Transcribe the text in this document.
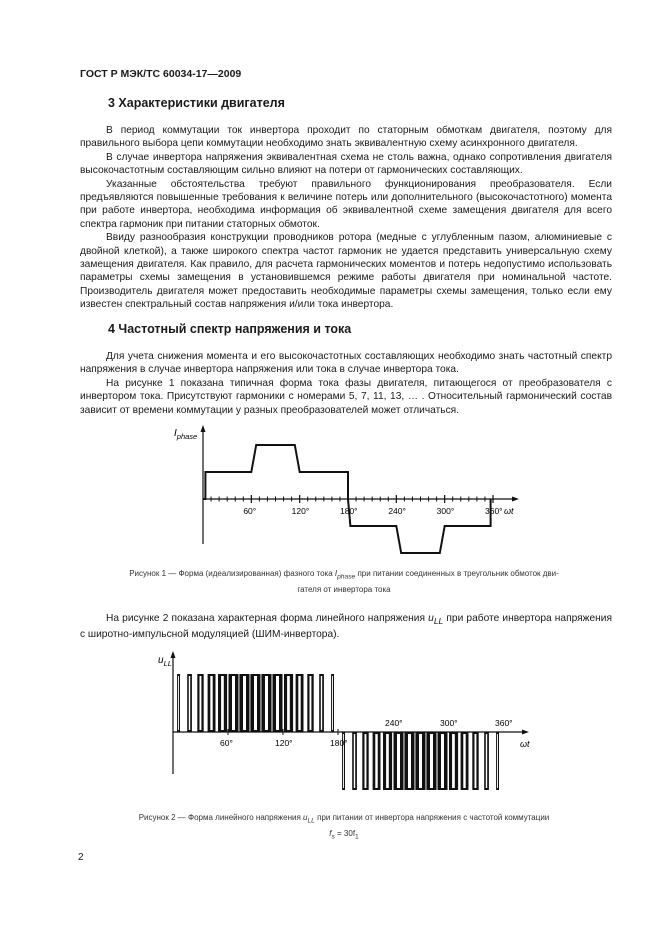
ГОСТ Р МЭК/ТС 60034-17—2009
3 Характеристики двигателя

В период коммутации ток инвертора проходит по статорным обмоткам двигателя, поэтому для правильного выбора цепи коммутации необходимо знать эквивалентную схему асинхронного двигателя.

В случае инвертора напряжения эквивалентная схема не столь важна, однако сопротивления двигателя высокочастотным составляющим сильно влияют на потери от гармонических составляющих.

Указанные обстоятельства требуют правильного функционирования преобразователя. Если предъявляются повышенные требования к величине потерь или дополнительного (высокочастотного) момента при работе инвертора, необходима информация об эквивалентной схеме замещения двигателя для всего спектра гармоник при питании статорных обмоток.

Ввиду разнообразия конструкции проводников ротора (медные с углубленным пазом, алюминиевые с двойной клеткой), а также широкого спектра частот гармоник не удается представить универсальную схему замещения двигателя. Как правило, для расчета гармонических моментов и потерь недопустимо использовать параметры схемы замещения в установившемся режиме работы двигателя при номинальной частоте. Производитель двигателя может предоставить необходимые параметры схемы замещения, только если ему известен спектральный состав напряжения и/или тока инвертора.

4 Частотный спектр напряжения и тока

Для учета снижения момента и его высокочастотных составляющих необходимо знать частотный спектр напряжения в случае инвертора напряжения или тока в случае инвертора тока.

На рисунке 1 показана типичная форма тока фазы двигателя, питающегося от преобразователя с инвертором тока. Присутствуют гармоники с номерами 5, 7, 11, 13, … . Относительный гармонический состав зависит от времени коммутации у разных преобразователей может отличаться.

60°	120°	180°	240°	300°	360°
$I_{phase}$
ωt
Рисунок 1 — Форма (идеализированная) фазного тока $I_{phase}$ при питании соединенных в треугольник обмоток дви-
гателя от инвертора тока

На рисунке 2 показана характерная форма линейного напряжения $u_{LL}$ при работе инвертора напряжения с широтно-импульсной модуляцией (ШИМ-инвертора).

60°	120°	180°
240°	300°	360°
$u_{LL}$
ωt
Рисунок 2 — Форма линейного напряжения $u_{LL}$ при питании от инвертора напряжения с частотой коммутации
$f_s = 30f_1$
2
